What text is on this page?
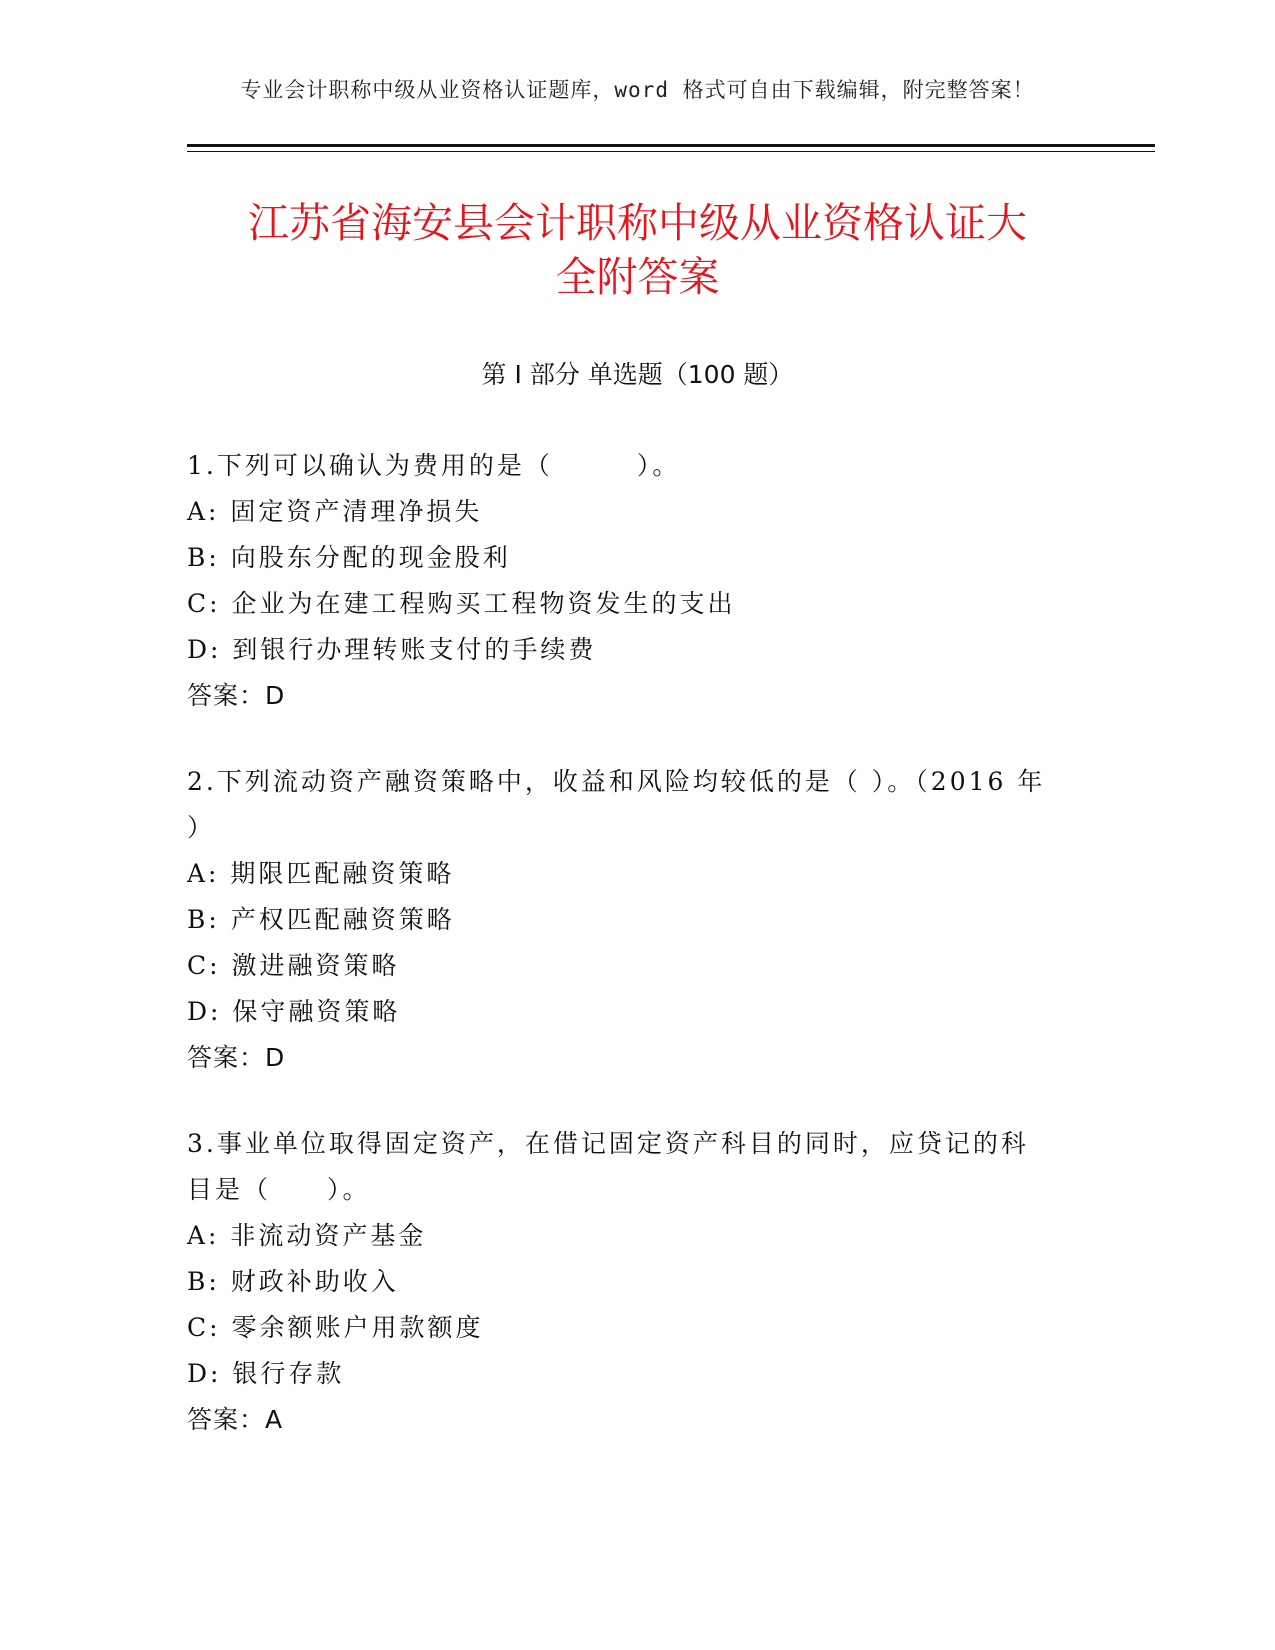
专业会计职称中级从业资格认证题库，word 格式可自由下载编辑，附完整答案！
江苏省海安县会计职称中级从业资格认证大
全附答案
第 I 部分 单选题（100 题）
1.下列可以确认为费用的是（　　　）。
A: 固定资产清理净损失
B: 向股东分配的现金股利
C: 企业为在建工程购买工程物资发生的支出
D: 到银行办理转账支付的手续费
答案：D
2.下列流动资产融资策略中，收益和风险均较低的是（ ）。（2016 年
）
A: 期限匹配融资策略
B: 产权匹配融资策略
C: 激进融资策略
D: 保守融资策略
答案：D
3.事业单位取得固定资产，在借记固定资产科目的同时，应贷记的科
目是（　　）。
A: 非流动资产基金
B: 财政补助收入
C: 零余额账户用款额度
D: 银行存款
答案：A
